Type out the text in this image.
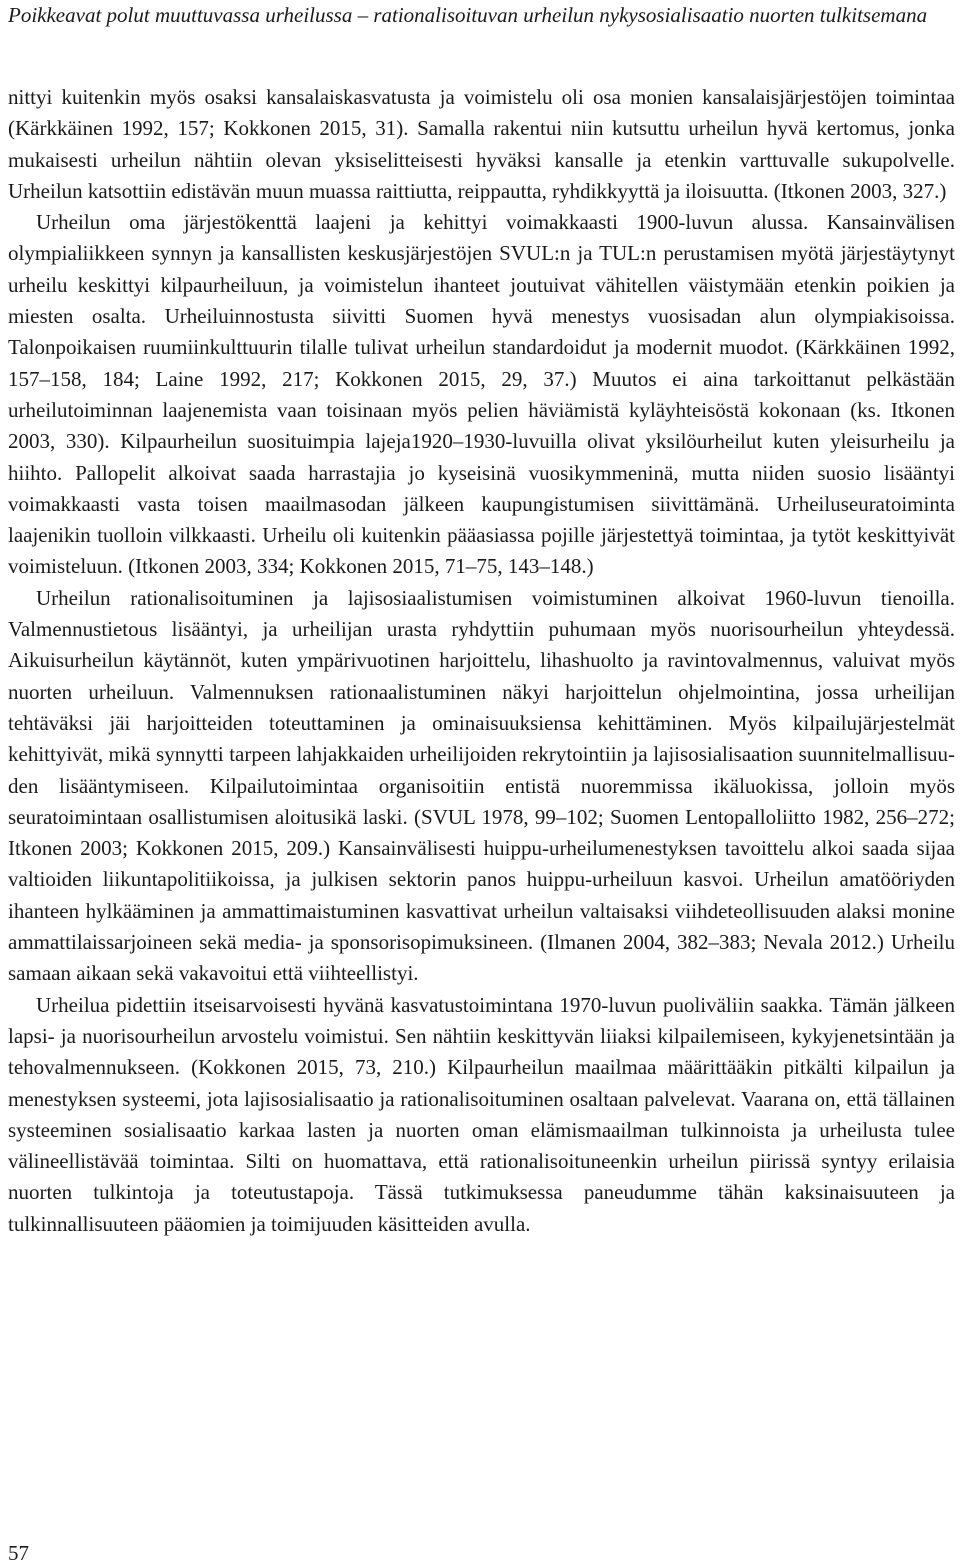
Poikkeavat polut muuttuvassa urheilussa – rationalisoituvan urheilun nykysosialisaatio nuorten tulkitsemana

nittyi kuitenkin myös osaksi kansalaiskasvatusta ja voimistelu oli osa monien kansalaisjärjestöjen toimintaa (Kärkkäinen 1992, 157; Kokkonen 2015, 31). Samalla rakentui niin kutsuttu urheilun hyvä kertomus, jonka mukaisesti urheilun nähtiin olevan yksiselitteisesti hyväksi kansalle ja etenkin varttuvalle sukupolvelle. Urheilun katsottiin edistävän muun muassa raittiutta, reippautta, ryhdikkyyttä ja iloisuutta. (Itkonen 2003, 327.)

Urheilun oma järjestökenttä laajeni ja kehittyi voimakkaasti 1900-luvun alussa. Kansainvälisen olympialiikkeen synnyn ja kansallisten keskusjärjestöjen SVUL:n ja TUL:n perustamisen myötä järjestäytynyt urheilu keskittyi kilpaurheiluun, ja voimistelun ihanteet joutuivat vähitellen väistymään etenkin poikien ja miesten osalta. Urheiluinnostusta siivitti Suomen hyvä menestys vuosisadan alun olympiakisoissa. Talonpoikaisen ruumiinkulttuurin tilalle tulivat urheilun standardoidut ja modernit muodot. (Kärkkäinen 1992, 157–158, 184; Laine 1992, 217; Kokkonen 2015, 29, 37.) Muutos ei aina tarkoittanut pelkästään urheilutoiminnan laajenemista vaan toisinaan myös pelien häviämistä kyläyhteisöstä kokonaan (ks. Itkonen 2003, 330). Kilpaurheilun suosituimpia lajeja1920–1930-luvuilla olivat yksilöurheilut kuten yleisurheilu ja hiihto. Pallopelit alkoivat saada harrastajia jo kyseisinä vuosikymmeninä, mutta niiden suosio lisääntyi voimakkaasti vasta toisen maailmasodan jälkeen kaupungistumisen siivittämänä. Urheiluseuratoiminta laajenikin tuolloin vilkkaasti. Urheilu oli kuitenkin pääasiassa pojille järjestettyä toimintaa, ja tytöt keskittyivät voimisteluun. (Itkonen 2003, 334; Kokkonen 2015, 71–75, 143–148.)

Urheilun rationalisoituminen ja lajisosiaalistumisen voimistuminen alkoivat 1960-luvun tienoilla. Valmennustietous lisääntyi, ja urheilijan urasta ryhdyttiin puhumaan myös nuorisourheilun yhteydessä. Aikuisurheilun käytännöt, kuten ympärivuotinen harjoittelu, lihashuolto ja ravintovalmennus, valuivat myös nuorten urheiluun. Valmennuksen rationaalistuminen näkyi harjoittelun ohjelmointina, jossa urheilijan tehtäväksi jäi harjoitteiden toteuttaminen ja ominaisuuksiensa kehittäminen. Myös kilpailujärjestelmät kehittyivät, mikä synnytti tarpeen lahjakkaiden urheilijoiden rekrytointiin ja lajisosialisaation suunnitelmallisuuden lisääntymiseen. Kilpailutoimintaa organisoitiin entistä nuoremmissa ikäluokissa, jolloin myös seuratoimintaan osallistumisen aloitusikä laski. (SVUL 1978, 99–102; Suomen Lentopalloliitto 1982, 256–272; Itkonen 2003; Kokkonen 2015, 209.) Kansainvälisesti huippu-urheilumenestyksen tavoittelu alkoi saada sijaa valtioiden liikuntapolitiikoissa, ja julkisen sektorin panos huippu-urheiluun kasvoi. Urheilun amatööriyden ihanteen hylkääminen ja ammattimaistuminen kasvattivat urheilun valtaisaksi viihdeteollisuuden alaksi monine ammattilaissarjoineen sekä media- ja sponsorisopimuksineen. (Ilmanen 2004, 382–383; Nevala 2012.) Urheilu samaan aikaan sekä vakavoitui että viihteellistyi.

Urheilua pidettiin itseisarvoisesti hyvänä kasvatustoimintana 1970-luvun puoliväliin saakka. Tämän jälkeen lapsi- ja nuorisourheilun arvostelu voimistui. Sen nähtiin keskittyvän liiaksi kilpailemiseen, kykyjenetsintään ja tehovalmennukseen. (Kokkonen 2015, 73, 210.) Kilpaurheilun maailmaa määrittääkin pitkälti kilpailun ja menestyksen systeemi, jota lajisosialisaatio ja rationalisoituminen osaltaan palvelevat. Vaarana on, että tällainen systeeminen sosialisaatio karkaa lasten ja nuorten oman elämismaailman tulkinnoista ja urheilusta tulee välineellistävää toimintaa. Silti on huomattava, että rationalisoituneenkin urheilun piirissä syntyy erilaisia nuorten tulkintoja ja toteutustapoja. Tässä tutkimuksessa paneudumme tähän kaksinaisuuteen ja tulkinnallisuuteen pääomien ja toimijuuden käsitteiden avulla.

57
